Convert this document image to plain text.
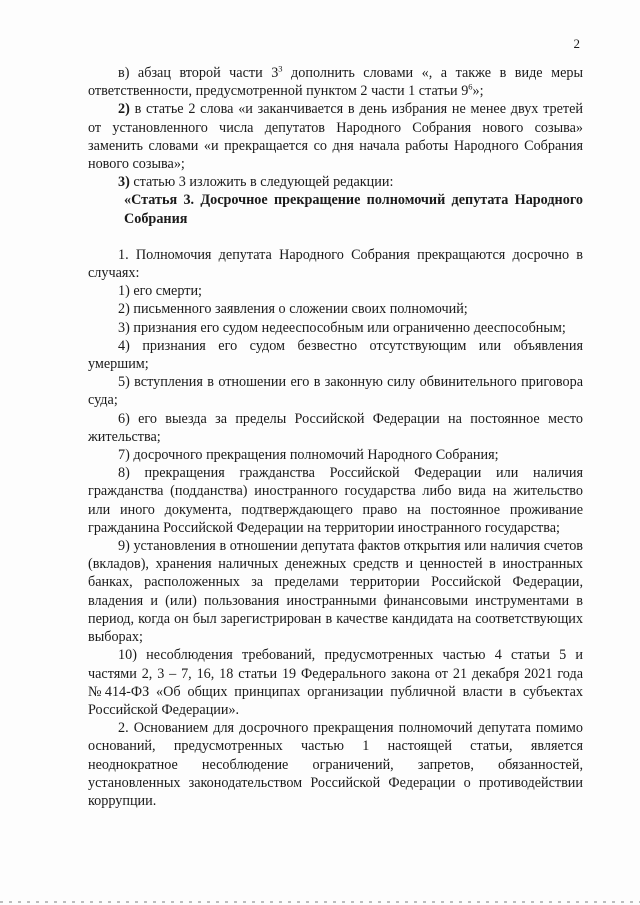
2

в) абзац второй части $3^3$ дополнить словами «, а также в виде меры ответственности, предусмотренной пунктом 2 части 1 статьи $9^6$»;

2) в статье 2 слова «и заканчивается в день избрания не менее двух третей от установленного числа депутатов Народного Собрания нового созыва» заменить словами «и прекращается со дня начала работы Народного Собрания нового созыва»;

3) статью 3 изложить в следующей редакции:

«Статья 3. Досрочное прекращение полномочий депутата Народного Собрания

1. Полномочия депутата Народного Собрания прекращаются досрочно в случаях:

1) его смерти;

2) письменного заявления о сложении своих полномочий;

3) признания его судом недееспособным или ограниченно дееспособным;

4) признания его судом безвестно отсутствующим или объявления умершим;

5) вступления в отношении его в законную силу обвинительного приговора суда;

6) его выезда за пределы Российской Федерации на постоянное место жительства;

7) досрочного прекращения полномочий Народного Собрания;

8) прекращения гражданства Российской Федерации или наличия гражданства (подданства) иностранного государства либо вида на жительство или иного документа, подтверждающего право на постоянное проживание гражданина Российской Федерации на территории иностранного государства;

9) установления в отношении депутата фактов открытия или наличия счетов (вкладов), хранения наличных денежных средств и ценностей в иностранных банках, расположенных за пределами территории Российской Федерации, владения и (или) пользования иностранными финансовыми инструментами в период, когда он был зарегистрирован в качестве кандидата на соответствующих выборах;

10) несоблюдения требований, предусмотренных частью 4 статьи 5 и частями 2, 3 – 7, 16, 18 статьи 19 Федерального закона от 21 декабря 2021 года №414-ФЗ «Об общих принципах организации публичной власти в субъектах Российской Федерации».

2. Основанием для досрочного прекращения полномочий депутата помимо оснований, предусмотренных частью 1 настоящей статьи, является неоднократное несоблюдение ограничений, запретов, обязанностей, установленных законодательством Российской Федерации о противодействии коррупции.
